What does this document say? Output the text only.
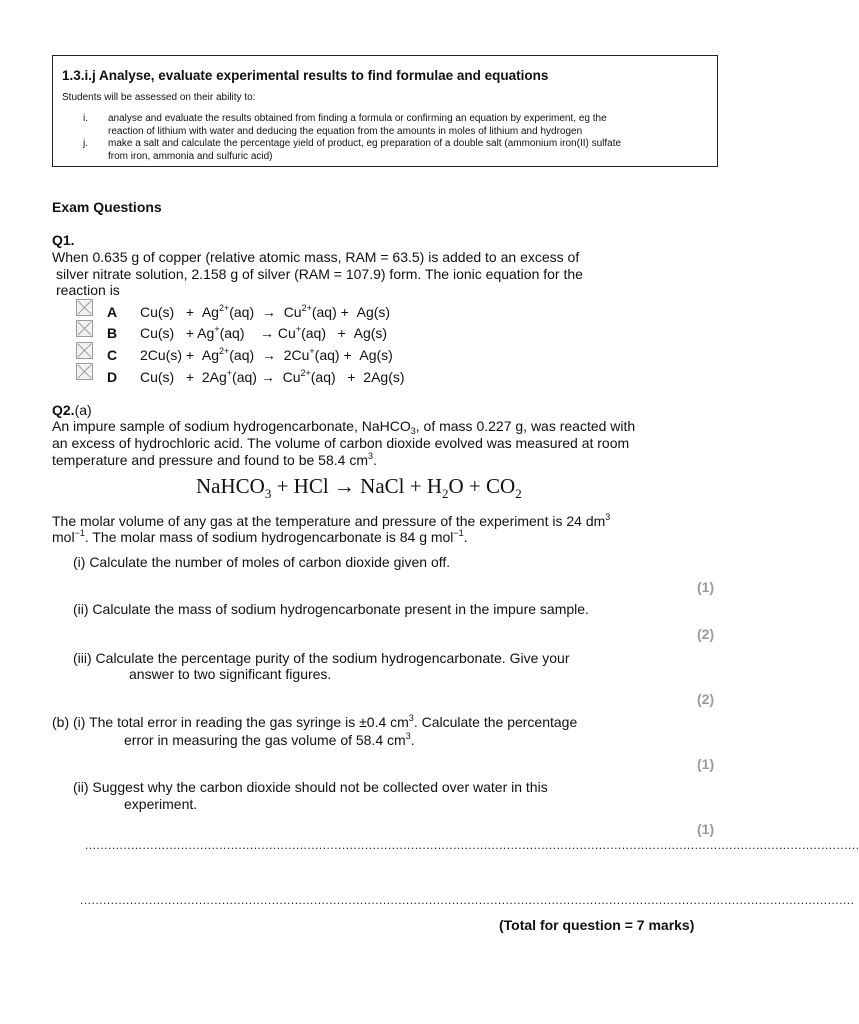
1.3.i.j Analyse, evaluate experimental results to find formulae and equations
Students will be assessed on their ability to:
i. analyse and evaluate the results obtained from finding a formula or confirming an equation by experiment, eg the
reaction of lithium with water and deducing the equation from the amounts in moles of lithium and hydrogen
j. make a salt and calculate the percentage yield of product, eg preparation of a double salt (ammonium iron(II) sulfate
from iron, ammonia and sulfuric acid)
Exam Questions
Q1.
When 0.635 g of copper (relative atomic mass, RAM = 63.5) is added to an excess of
silver nitrate solution, 2.158 g of silver (RAM = 107.9) form. The ionic equation for the
reaction is
A $Cu(s) + Ag^{2+}(aq) \to Cu^{2+}(aq) + Ag(s)$
B Cu(s)   + Ag+(aq)    → Cu+(aq)   +  Ag(s)
C $2Cu(s) + Ag^{2+}(aq) \to 2Cu^+(aq) + Ag(s)$
D $Cu(s) + 2Ag^+(aq) \to Cu^{2+}(aq) + 2Ag(s)$
Q2.(a)
An impure sample of sodium hydrogencarbonate, NaHCO$_3$, of mass 0.227 g, was reacted with
an excess of hydrochloric acid. The volume of carbon dioxide evolved was measured at room
temperature and pressure and found to be 58.4 $cm^3$.
NaHCO$_3$ + HCl → NaCl + $H_2O + CO_2$
The molar volume of any gas at the temperature and pressure of the experiment is 24 $dm^3$
mol$^{-1}$. The molar mass of sodium hydrogencarbonate is 84 g mol$^{-1}$.
(i) Calculate the number of moles of carbon dioxide given off.
(1)
(ii) Calculate the mass of sodium hydrogencarbonate present in the impure sample.
(2)
(iii) Calculate the percentage purity of the sodium hydrogencarbonate. Give your
answer to two significant figures.
(2)
(b) (i) The total error in reading the gas syringe is ±0.4 $cm^3$. Calculate the percentage
error in measuring the gas volume of 58.4 $cm^3$.
(1)
(ii) Suggest why the carbon dioxide should not be collected over water in this
experiment.
(1)
..........................................................................................................................................................................................................
..........................................................................................................................................................................................................
(Total for question = 7 marks)
